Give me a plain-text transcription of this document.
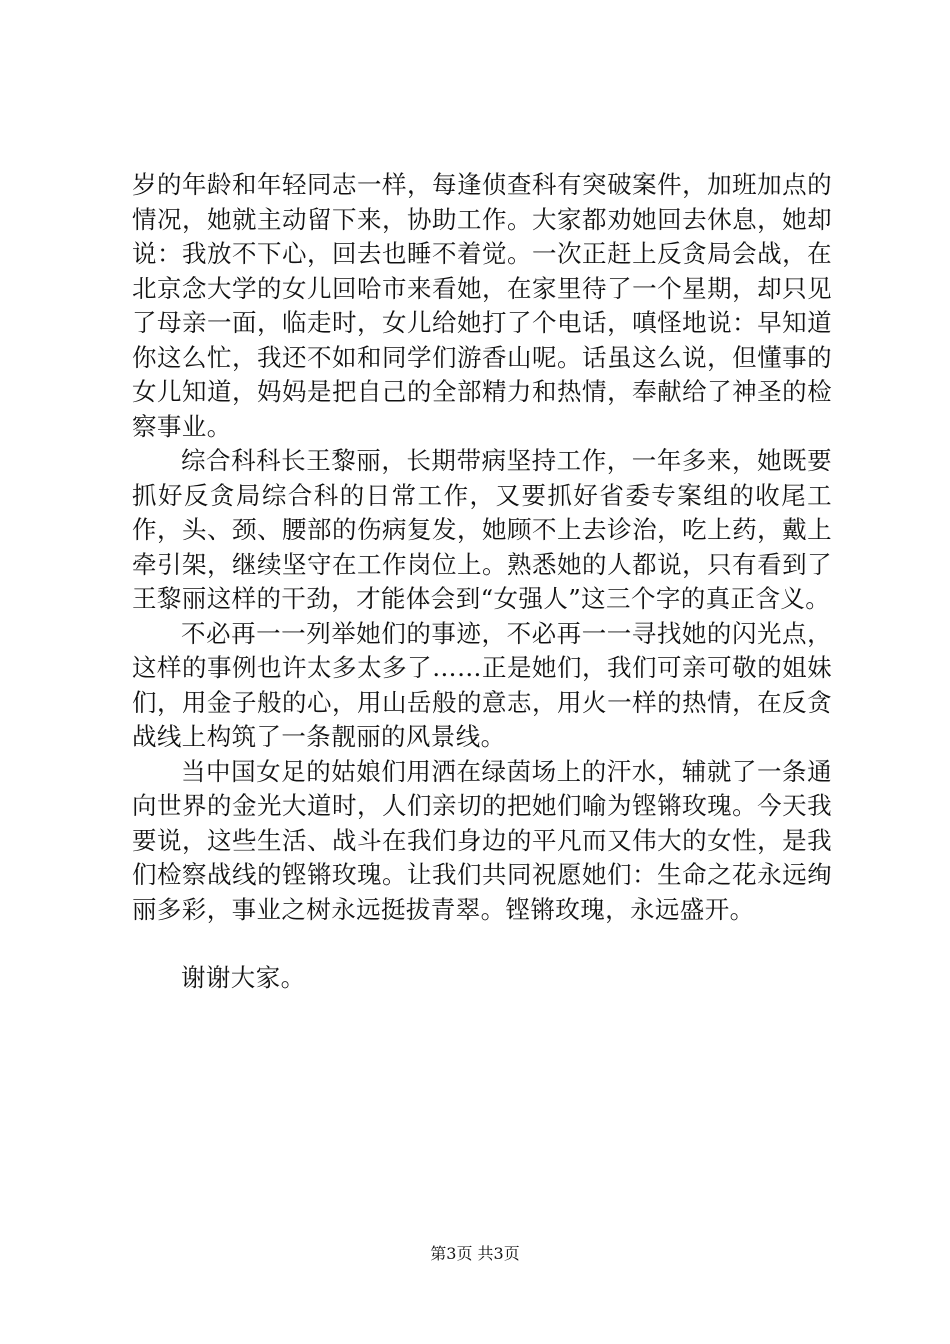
岁的年龄和年轻同志一样，每逢侦查科有突破案件，加班加点的情况，她就主动留下来，协助工作。大家都劝她回去休息，她却说：我放不下心，回去也睡不着觉。一次正赶上反贪局会战，在北京念大学的女儿回哈市来看她，在家里待了一个星期，却只见了母亲一面，临走时，女儿给她打了个电话，嗔怪地说：早知道你这么忙，我还不如和同学们游香山呢。话虽这么说，但懂事的女儿知道，妈妈是把自己的全部精力和热情，奉献给了神圣的检察事业。

综合科科长王黎丽，长期带病坚持工作，一年多来，她既要抓好反贪局综合科的日常工作，又要抓好省委专案组的收尾工作，头、颈、腰部的伤病复发，她顾不上去诊治，吃上药，戴上牵引架，继续坚守在工作岗位上。熟悉她的人都说，只有看到了王黎丽这样的干劲，才能体会到“女强人”这三个字的真正含义。

不必再一一列举她们的事迹，不必再一一寻找她的闪光点，这样的事例也许太多太多了……正是她们，我们可亲可敬的姐妹们，用金子般的心，用山岳般的意志，用火一样的热情，在反贪战线上构筑了一条靓丽的风景线。

当中国女足的姑娘们用洒在绿茵场上的汗水，辅就了一条通向世界的金光大道时，人们亲切的把她们喻为铿锵玫瑰。今天我要说，这些生活、战斗在我们身边的平凡而又伟大的女性，是我们检察战线的铿锵玫瑰。让我们共同祝愿她们：生命之花永远绚丽多彩，事业之树永远挺拔青翠。铿锵玫瑰，永远盛开。

谢谢大家。

第3页 共3页
